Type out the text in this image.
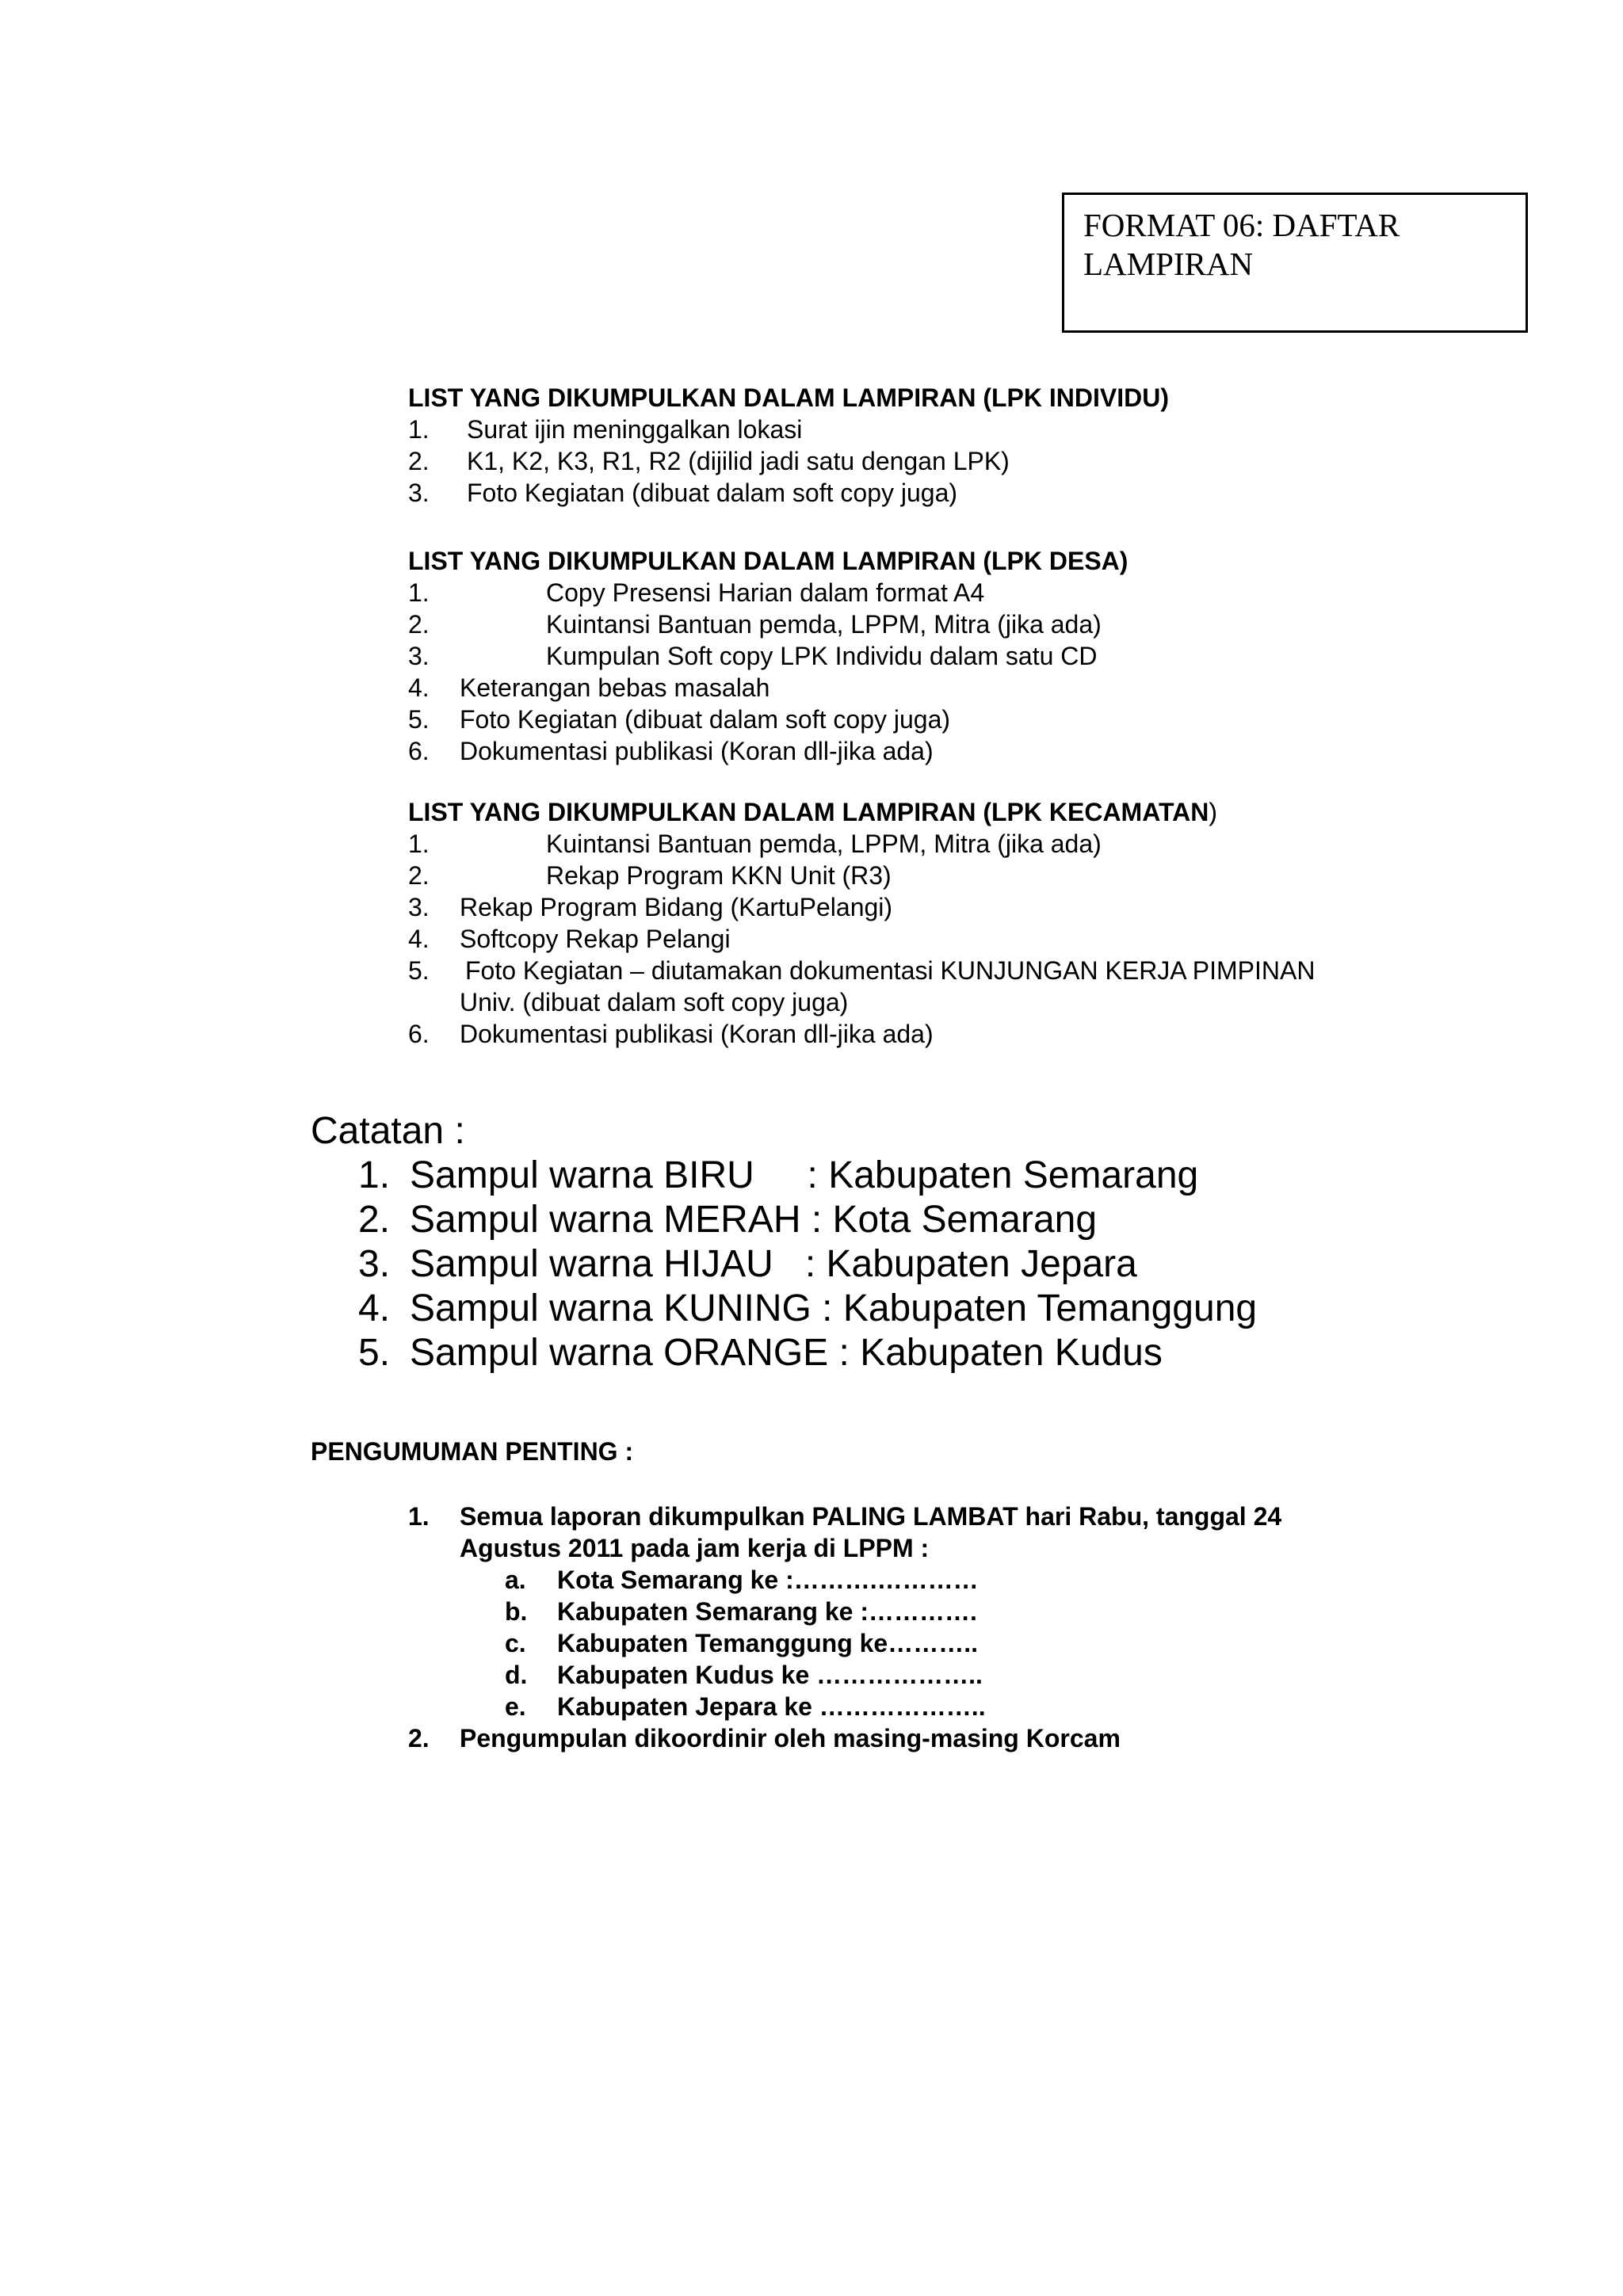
FORMAT 06: DAFTAR LAMPIRAN
LIST YANG DIKUMPULKAN DALAM LAMPIRAN (LPK INDIVIDU)
1.	Surat ijin meninggalkan lokasi
2.	K1, K2, K3, R1, R2 (dijilid jadi satu dengan LPK)
3.	Foto Kegiatan (dibuat dalam soft copy juga)
LIST YANG DIKUMPULKAN DALAM LAMPIRAN (LPK DESA)
1.	Copy Presensi Harian dalam format A4
2.	Kuintansi Bantuan pemda, LPPM, Mitra (jika ada)
3.	Kumpulan Soft copy LPK Individu dalam satu CD
4.	Keterangan bebas masalah
5.	Foto Kegiatan (dibuat dalam soft copy juga)
6.	Dokumentasi publikasi (Koran dll-jika ada)
LIST YANG DIKUMPULKAN DALAM LAMPIRAN (LPK KECAMATAN)
1.	Kuintansi Bantuan pemda, LPPM, Mitra (jika ada)
2.	Rekap Program KKN Unit (R3)
3.	Rekap Program Bidang (KartuPelangi)
4.	Softcopy Rekap Pelangi
5.	Foto Kegiatan – diutamakan dokumentasi KUNJUNGAN KERJA PIMPINAN
Univ. (dibuat dalam soft copy juga)
6.	Dokumentasi publikasi (Koran dll-jika ada)
Catatan :
1. Sampul warna BIRU     : Kabupaten Semarang
2. Sampul warna MERAH : Kota Semarang
3. Sampul warna HIJAU   : Kabupaten Jepara
4. Sampul warna KUNING : Kabupaten Temanggung
5. Sampul warna ORANGE : Kabupaten Kudus
PENGUMUMAN PENTING :
1.	Semua laporan dikumpulkan PALING LAMBAT hari Rabu, tanggal 24
Agustus 2011 pada jam kerja di LPPM :
a. Kota Semarang ke :……….…………
b. Kabupaten Semarang ke :………….
c. Kabupaten Temanggung ke………..
d. Kabupaten Kudus ke ………………..
e. Kabupaten Jepara ke ………………..
2.	Pengumpulan dikoordinir oleh masing-masing Korcam
